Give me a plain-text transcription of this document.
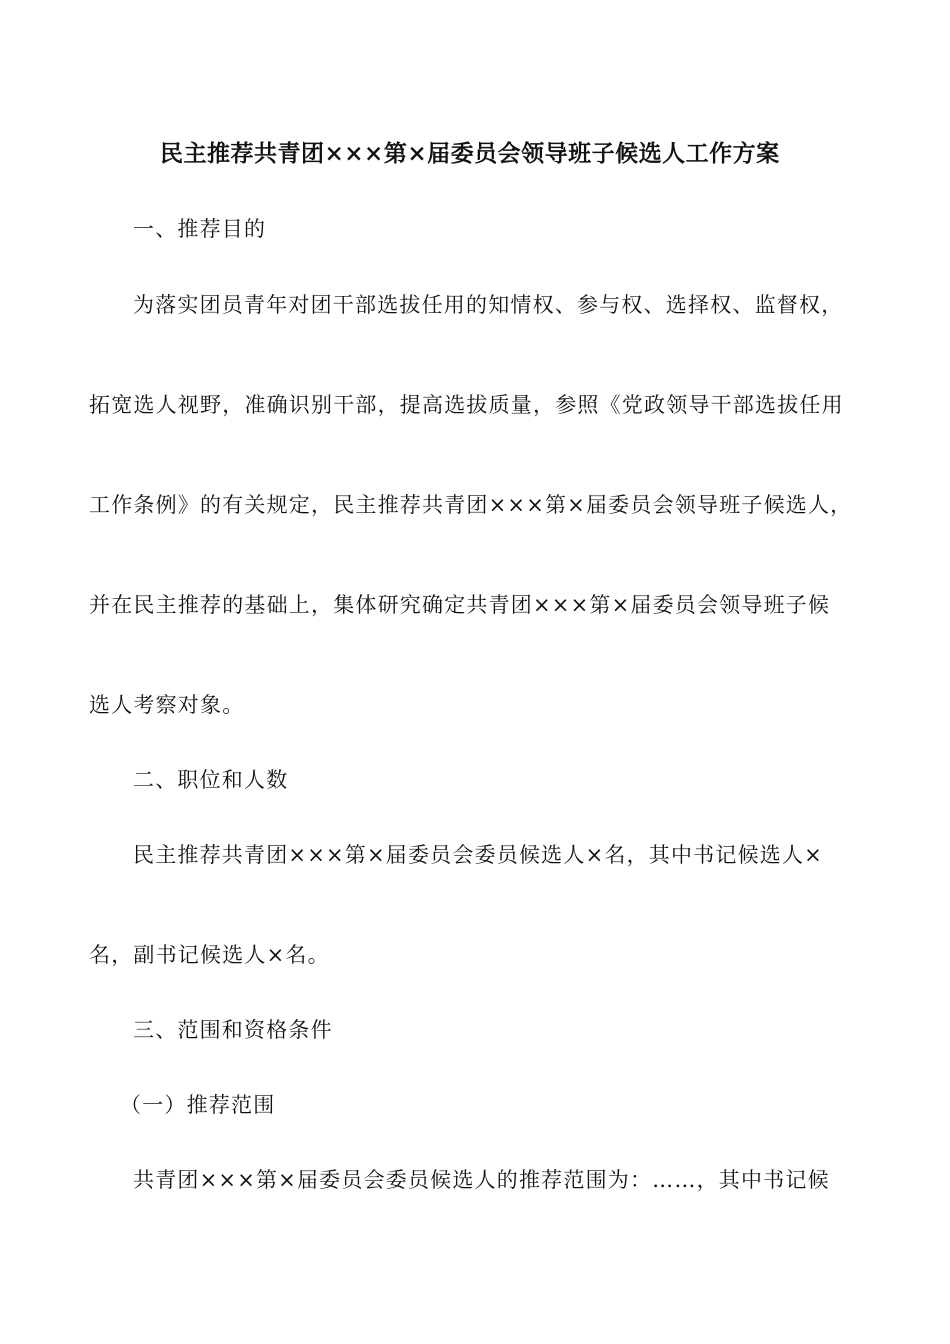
民主推荐共青团×××第×届委员会领导班子候选人工作方案
一、推荐目的
为落实团员青年对团干部选拔任用的知情权、参与权、选择权、监督权，
拓宽选人视野，准确识别干部，提高选拔质量，参照《党政领导干部选拔任用
工作条例》的有关规定，民主推荐共青团×××第×届委员会领导班子候选人，
并在民主推荐的基础上，集体研究确定共青团×××第×届委员会领导班子候
选人考察对象。
二、职位和人数
民主推荐共青团×××第×届委员会委员候选人×名，其中书记候选人×
名，副书记候选人×名。
三、范围和资格条件
（一）推荐范围
共青团×××第×届委员会委员候选人的推荐范围为：……，其中书记候
